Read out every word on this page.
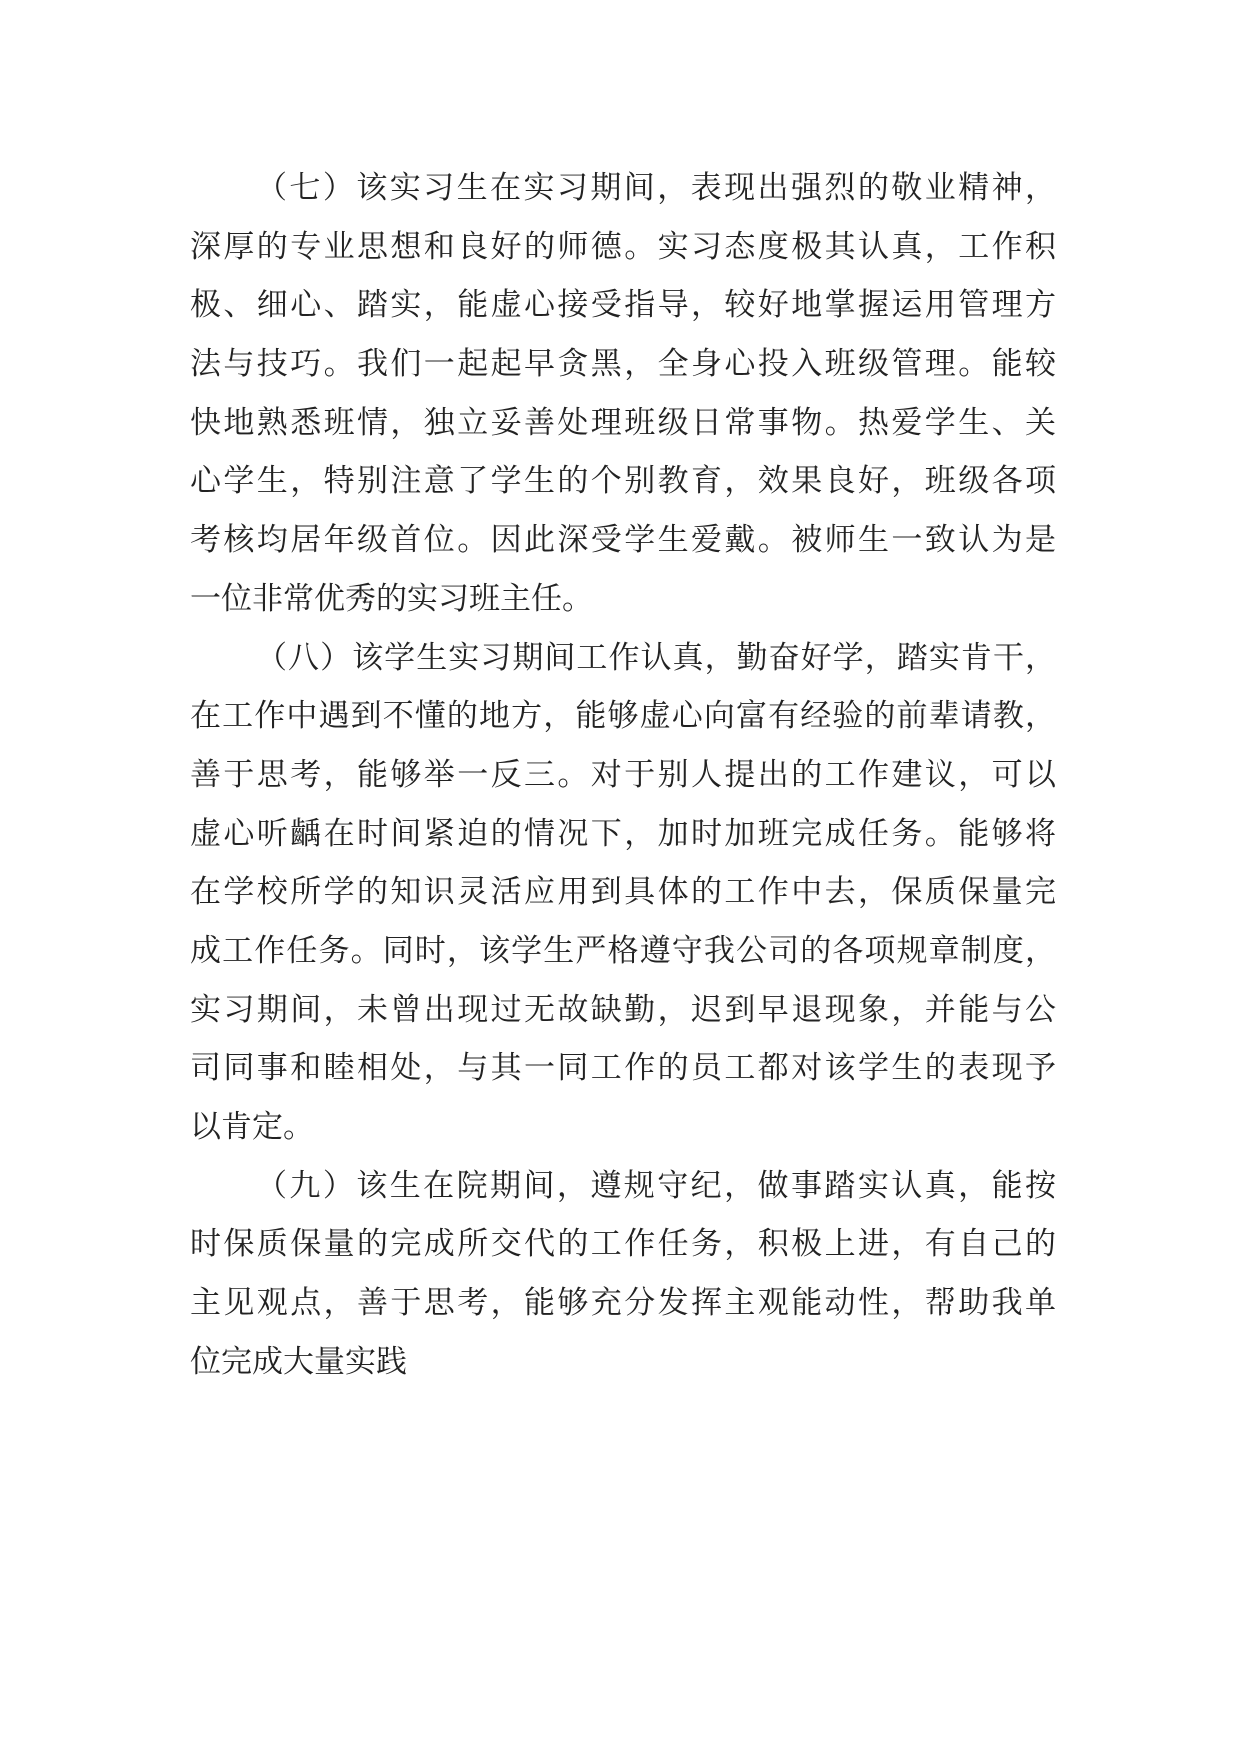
（七）该实习生在实习期间，表现出强烈的敬业精神，
深厚的专业思想和良好的师德。实习态度极其认真，工作积
极、细心、踏实，能虚心接受指导，较好地掌握运用管理方
法与技巧。我们一起起早贪黑，全身心投入班级管理。能较
快地熟悉班情，独立妥善处理班级日常事物。热爱学生、关
心学生，特别注意了学生的个别教育，效果良好，班级各项
考核均居年级首位。因此深受学生爱戴。被师生一致认为是
一位非常优秀的实习班主任。
（八）该学生实习期间工作认真，勤奋好学，踏实肯干，
在工作中遇到不懂的地方，能够虚心向富有经验的前辈请教，
善于思考，能够举一反三。对于别人提出的工作建议，可以
虚心听齲在时间紧迫的情况下，加时加班完成任务。能够将
在学校所学的知识灵活应用到具体的工作中去，保质保量完
成工作任务。同时，该学生严格遵守我公司的各项规章制度，
实习期间，未曾出现过无故缺勤，迟到早退现象，并能与公
司同事和睦相处，与其一同工作的员工都对该学生的表现予
以肯定。
（九）该生在院期间，遵规守纪，做事踏实认真，能按
时保质保量的完成所交代的工作任务，积极上进，有自己的
主见观点，善于思考，能够充分发挥主观能动性，帮助我单
位完成大量实践
